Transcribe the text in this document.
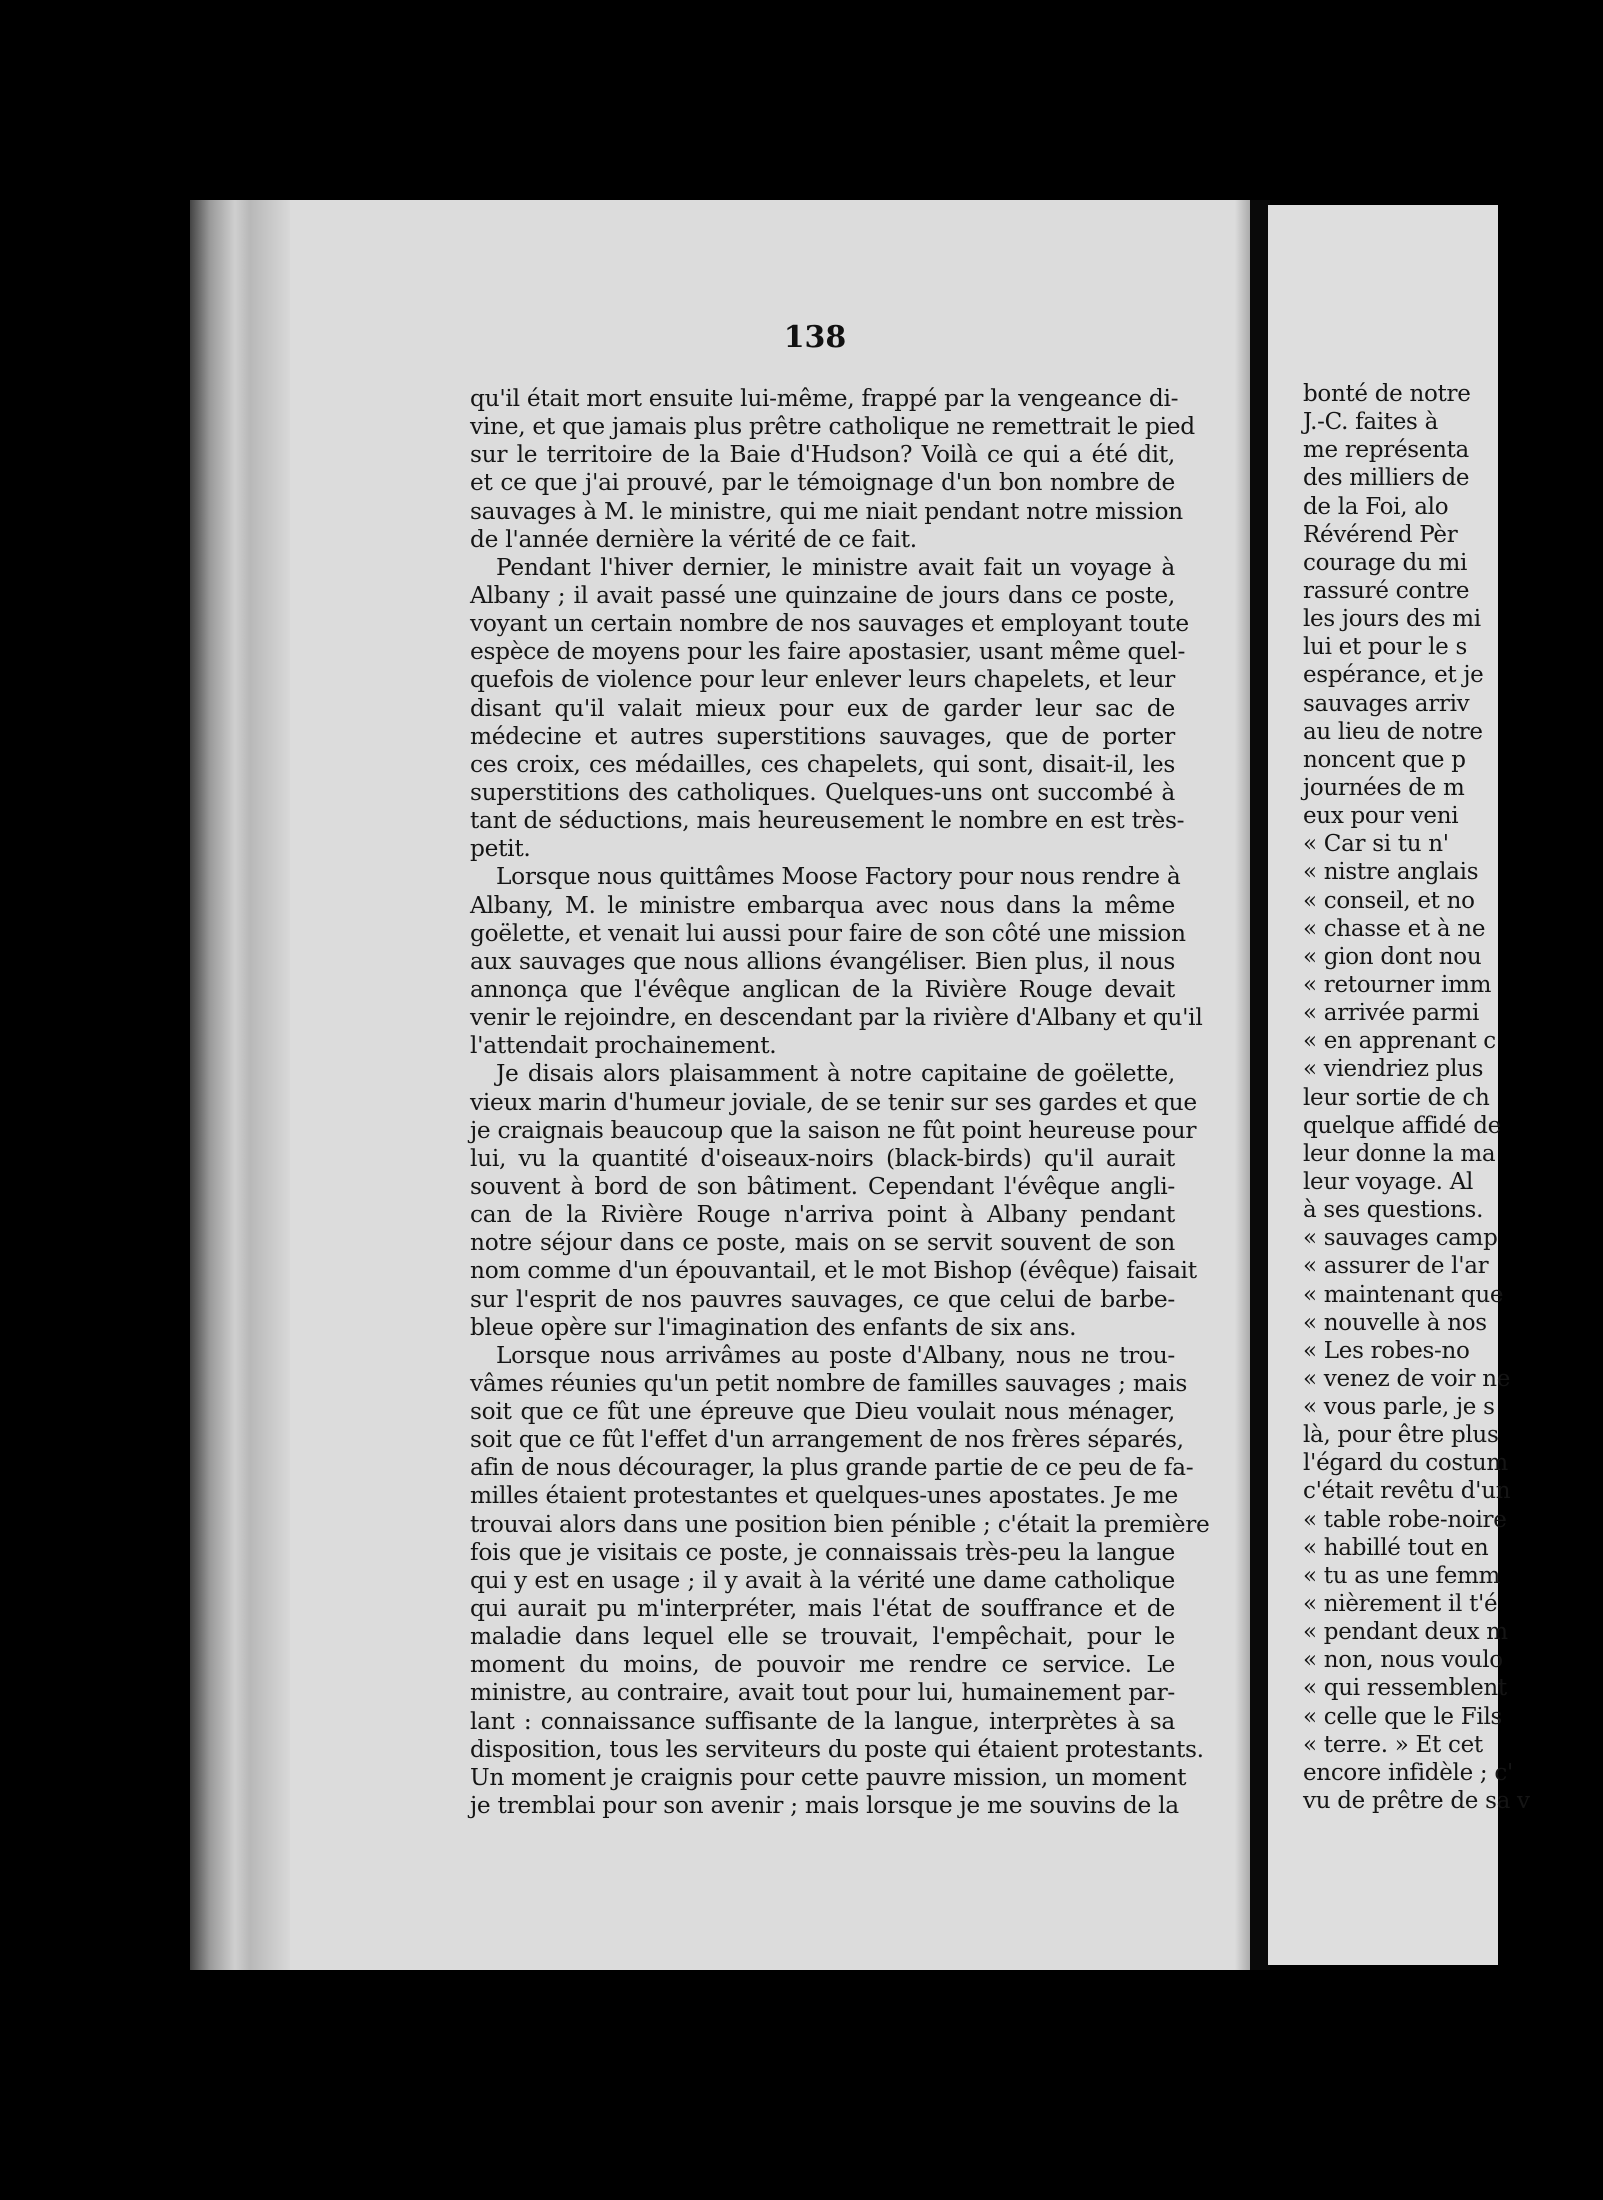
138
qu'il était mort ensuite lui-même, frappé par la vengeance di-
vine, et que jamais plus prêtre catholique ne remettrait le pied
sur le territoire de la Baie d'Hudson? Voilà ce qui a été dit,
et ce que j'ai prouvé, par le témoignage d'un bon nombre de
sauvages à M. le ministre, qui me niait pendant notre mission
de l'année dernière la vérité de ce fait.
Pendant l'hiver dernier, le ministre avait fait un voyage à
Albany ; il avait passé une quinzaine de jours dans ce poste,
voyant un certain nombre de nos sauvages et employant toute
espèce de moyens pour les faire apostasier, usant même quel-
quefois de violence pour leur enlever leurs chapelets, et leur
disant qu'il valait mieux pour eux de garder leur sac de
médecine et autres superstitions sauvages, que de porter
ces croix, ces médailles, ces chapelets, qui sont, disait-il, les
superstitions des catholiques. Quelques-uns ont succombé à
tant de séductions, mais heureusement le nombre en est très-
petit.
Lorsque nous quittâmes Moose Factory pour nous rendre à
Albany, M. le ministre embarqua avec nous dans la même
goëlette, et venait lui aussi pour faire de son côté une mission
aux sauvages que nous allions évangéliser. Bien plus, il nous
annonça que l'évêque anglican de la Rivière Rouge devait
venir le rejoindre, en descendant par la rivière d'Albany et qu'il
l'attendait prochainement.
Je disais alors plaisamment à notre capitaine de goëlette,
vieux marin d'humeur joviale, de se tenir sur ses gardes et que
je craignais beaucoup que la saison ne fût point heureuse pour
lui, vu la quantité d'oiseaux-noirs (black-birds) qu'il aurait
souvent à bord de son bâtiment. Cependant l'évêque angli-
can de la Rivière Rouge n'arriva point à Albany pendant
notre séjour dans ce poste, mais on se servit souvent de son
nom comme d'un épouvantail, et le mot Bishop (évêque) faisait
sur l'esprit de nos pauvres sauvages, ce que celui de barbe-
bleue opère sur l'imagination des enfants de six ans.
Lorsque nous arrivâmes au poste d'Albany, nous ne trou-
vâmes réunies qu'un petit nombre de familles sauvages ; mais
soit que ce fût une épreuve que Dieu voulait nous ménager,
soit que ce fût l'effet d'un arrangement de nos frères séparés,
afin de nous décourager, la plus grande partie de ce peu de fa-
milles étaient protestantes et quelques-unes apostates. Je me
trouvai alors dans une position bien pénible ; c'était la première
fois que je visitais ce poste, je connaissais très-peu la langue
qui y est en usage ; il y avait à la vérité une dame catholique
qui aurait pu m'interpréter, mais l'état de souffrance et de
maladie dans lequel elle se trouvait, l'empêchait, pour le
moment du moins, de pouvoir me rendre ce service. Le
ministre, au contraire, avait tout pour lui, humainement par-
lant : connaissance suffisante de la langue, interprètes à sa
disposition, tous les serviteurs du poste qui étaient protestants.
Un moment je craignis pour cette pauvre mission, un moment
je tremblai pour son avenir ; mais lorsque je me souvins de la
bonté de notre
J.-C. faites à
me représenta
des milliers de
de la Foi, alo
Révérend Pèr
courage du mi
rassuré contre
les jours des mi
lui et pour le s
espérance, et je
sauvages arriv
au lieu de notre
noncent que p
journées de m
eux pour veni
« Car si tu n'
« nistre anglais
« conseil, et no
« chasse et à ne
« gion dont nou
« retourner imm
« arrivée parmi
« en apprenant c
« viendriez plus
leur sortie de ch
quelque affidé de
leur donne la ma
leur voyage. Al
à ses questions.
« sauvages camp
« assurer de l'ar
« maintenant que
« nouvelle à nos
« Les robes-no
« venez de voir ne
« vous parle, je s
là, pour être plus
l'égard du costum
c'était revêtu d'un
« table robe-noire
« habillé tout en
« tu as une femm
« nièrement il t'é
« pendant deux m
« non, nous voulo
« qui ressemblent
« celle que le Fils
« terre. » Et cet
encore infidèle ; c'
vu de prêtre de sa v
